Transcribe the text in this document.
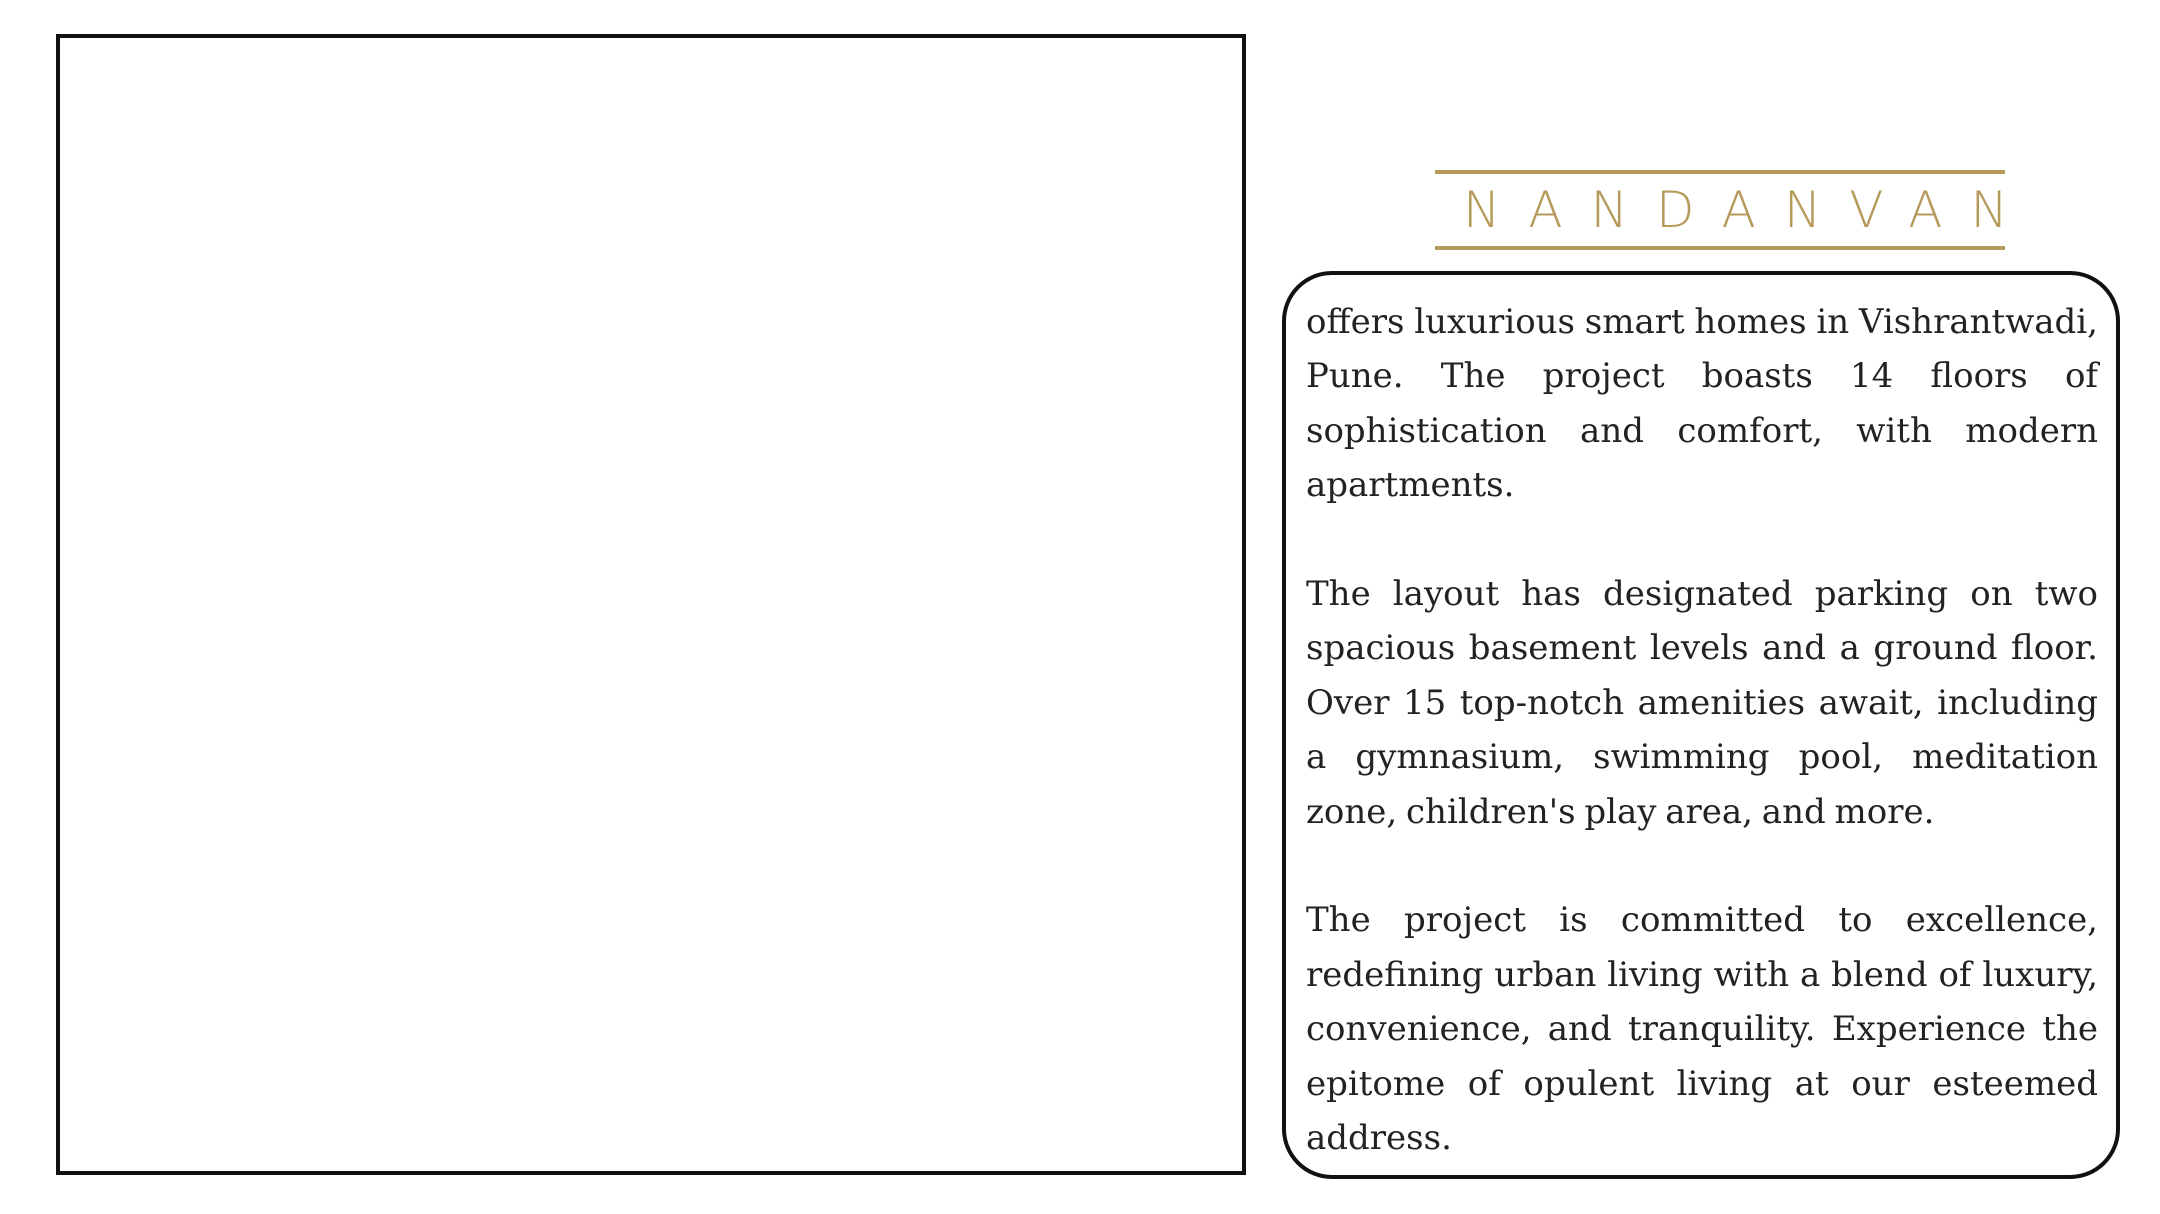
NANDANVAN

offers luxurious smart homes in Vishrantwadi, Pune. The project boasts 14 floors of sophistication and comfort, with modern apartments.

The layout has designated parking on two spacious basement levels and a ground floor. Over 15 top-notch amenities await, including a gymnasium, swimming pool, meditation zone, children's play area, and more.

The project is committed to excellence, redefining urban living with a blend of luxury, convenience, and tranquility. Experience the epitome of opulent living at our esteemed address.
